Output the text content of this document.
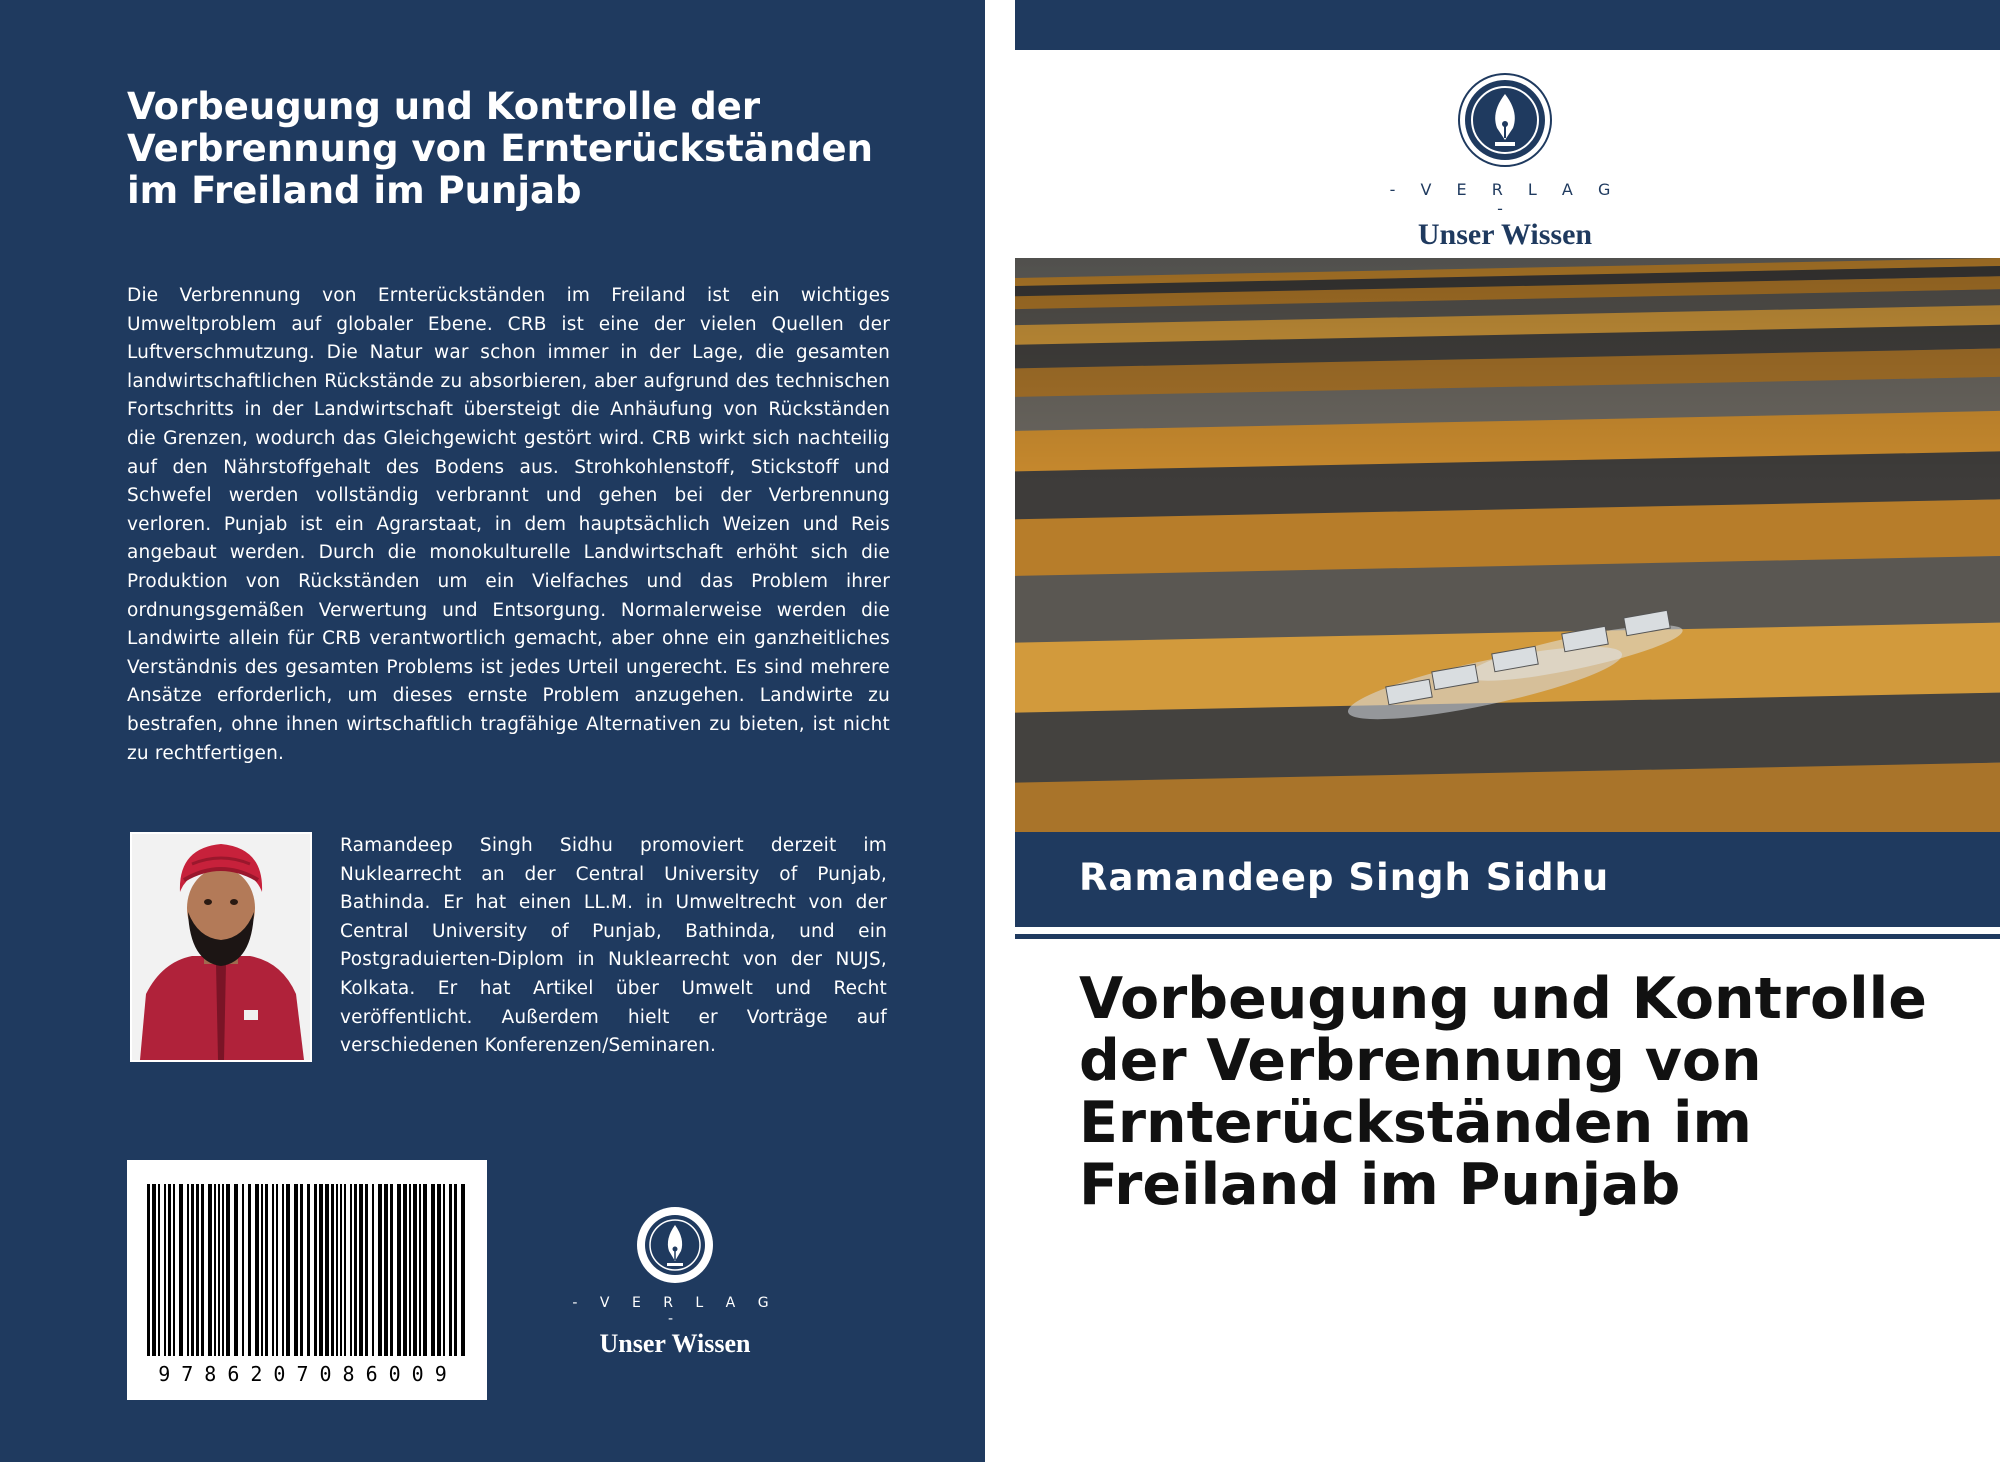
Vorbeugung und Kontrolle der Verbrennung von Ernterückständen im Freiland im Punjab

Die Verbrennung von Ernterückständen im Freiland ist ein wichtiges Umweltproblem auf globaler Ebene. CRB ist eine der vielen Quellen der Luftverschmutzung. Die Natur war schon immer in der Lage, die gesamten landwirtschaftlichen Rückstände zu absorbieren, aber aufgrund des technischen Fortschritts in der Landwirtschaft übersteigt die Anhäufung von Rückständen die Grenzen, wodurch das Gleichgewicht gestört wird. CRB wirkt sich nachteilig auf den Nährstoffgehalt des Bodens aus. Strohkohlenstoff, Stickstoff und Schwefel werden vollständig verbrannt und gehen bei der Verbrennung verloren. Punjab ist ein Agrarstaat, in dem hauptsächlich Weizen und Reis angebaut werden. Durch die monokulturelle Landwirtschaft erhöht sich die Produktion von Rückständen um ein Vielfaches und das Problem ihrer ordnungsgemäßen Verwertung und Entsorgung. Normalerweise werden die Landwirte allein für CRB verantwortlich gemacht, aber ohne ein ganzheitliches Verständnis des gesamten Problems ist jedes Urteil ungerecht. Es sind mehrere Ansätze erforderlich, um dieses ernste Problem anzugehen. Landwirte zu bestrafen, ohne ihnen wirtschaftlich tragfähige Alternativen zu bieten, ist nicht zu rechtfertigen.

Ramandeep Singh Sidhu promoviert derzeit im Nuklearrecht an der Central University of Punjab, Bathinda. Er hat einen LL.M. in Umweltrecht von der Central University of Punjab, Bathinda, und ein Postgraduierten-Diplom in Nuklearrecht von der NUJS, Kolkata. Er hat Artikel über Umwelt und Recht veröffentlicht. Außerdem hielt er Vorträge auf verschiedenen Konferenzen/Seminaren.

9786207086009
- V E R L A G -
Unser Wissen
- V E R L A G -
Unser Wissen
Ramandeep Singh Sidhu
Vorbeugung und Kontrolle der Verbrennung von Ernterückständen im Freiland im Punjab
